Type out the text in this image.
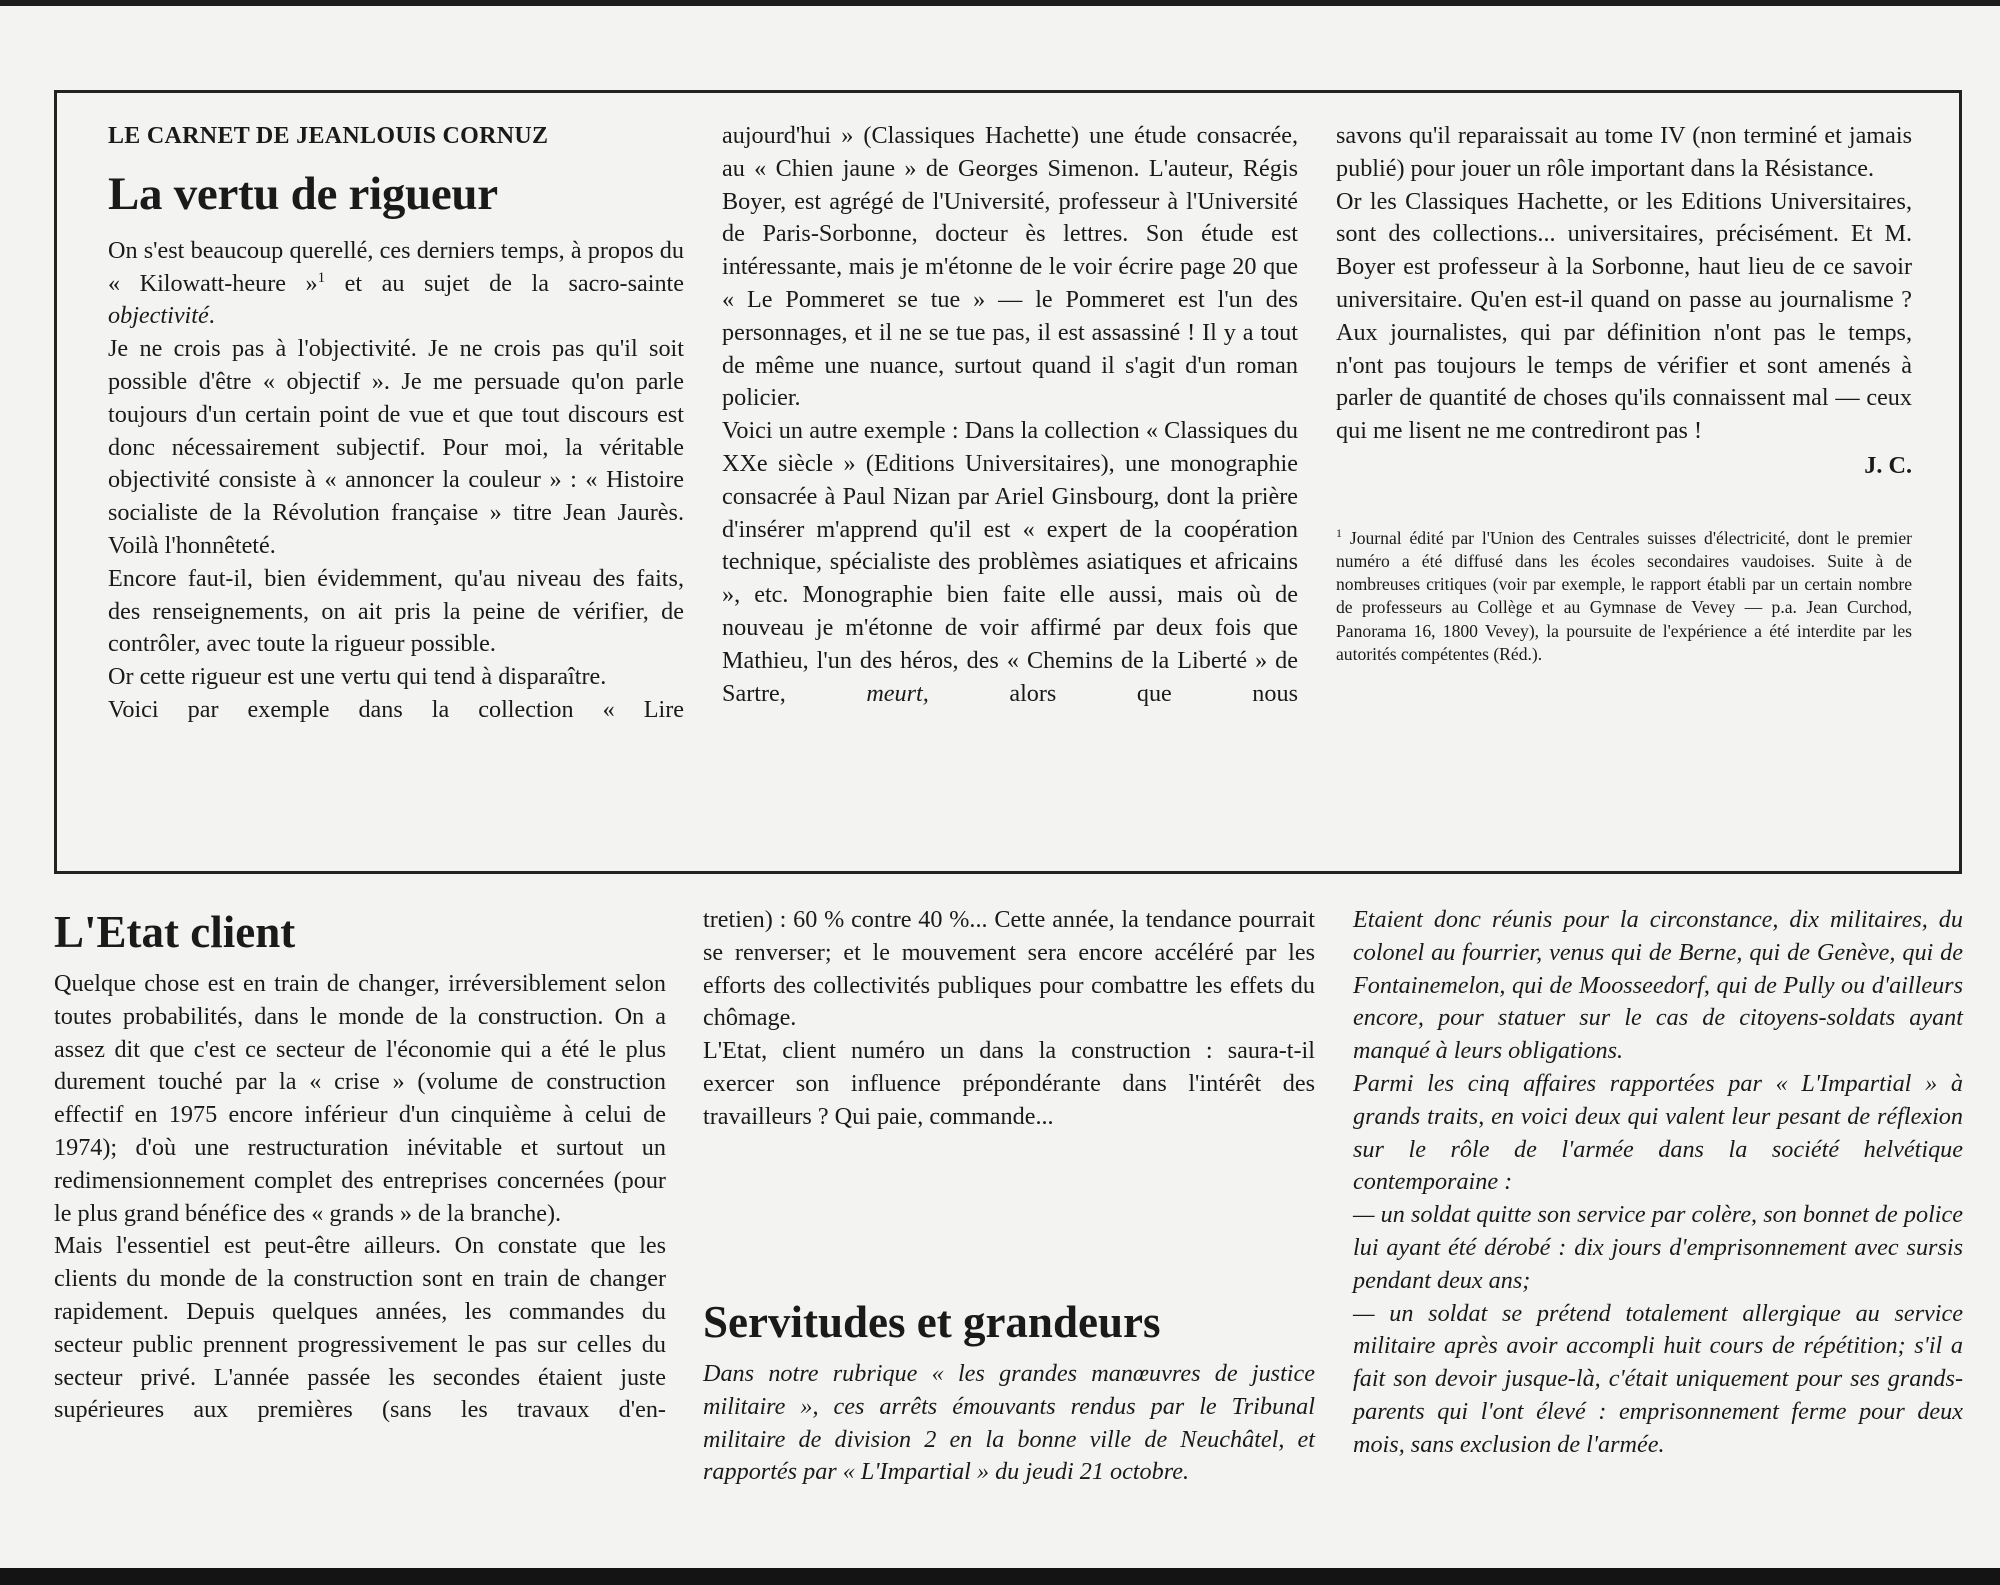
LE CARNET DE JEANLOUIS CORNUZ
La vertu de rigueur

On s'est beaucoup querellé, ces derniers temps, à propos du « Kilowatt-heure »$^1$ et au sujet de la sacro-sainte objectivité.

Je ne crois pas à l'objectivité. Je ne crois pas qu'il soit possible d'être « objectif ». Je me persuade qu'on parle toujours d'un certain point de vue et que tout discours est donc nécessairement subjectif. Pour moi, la véritable objectivité consiste à « annoncer la couleur » : « Histoire socialiste de la Révolution française » titre Jean Jaurès. Voilà l'honnêteté.

Encore faut-il, bien évidemment, qu'au niveau des faits, des renseignements, on ait pris la peine de vérifier, de contrôler, avec toute la rigueur possible.

Or cette rigueur est une vertu qui tend à disparaître.

Voici par exemple dans la collection « Lire

aujourd'hui » (Classiques Hachette) une étude consacrée, au « Chien jaune » de Georges Simenon. L'auteur, Régis Boyer, est agrégé de l'Université, professeur à l'Université de Paris-Sorbonne, docteur ès lettres. Son étude est intéressante, mais je m'étonne de le voir écrire page 20 que « Le Pommeret se tue » — le Pommeret est l'un des personnages, et il ne se tue pas, il est assassiné ! Il y a tout de même une nuance, surtout quand il s'agit d'un roman policier.

Voici un autre exemple : Dans la collection « Classiques du XXe siècle » (Editions Universitaires), une monographie consacrée à Paul Nizan par Ariel Ginsbourg, dont la prière d'insérer m'apprend qu'il est « expert de la coopération technique, spécialiste des problèmes asiatiques et africains », etc. Monographie bien faite elle aussi, mais où de nouveau je m'étonne de voir affirmé par deux fois que Mathieu, l'un des héros, des « Chemins de la Liberté » de Sartre, meurt, alors que nous

savons qu'il reparaissait au tome IV (non terminé et jamais publié) pour jouer un rôle important dans la Résistance.

Or les Classiques Hachette, or les Editions Universitaires, sont des collections... universitaires, précisément. Et M. Boyer est professeur à la Sorbonne, haut lieu de ce savoir universitaire. Qu'en est-il quand on passe au journalisme ? Aux journalistes, qui par définition n'ont pas le temps, n'ont pas toujours le temps de vérifier et sont amenés à parler de quantité de choses qu'ils connaissent mal — ceux qui me lisent ne me contrediront pas !

J. C.
$^1$ Journal édité par l'Union des Centrales suisses d'électricité, dont le premier numéro a été diffusé dans les écoles secondaires vaudoises. Suite à de nombreuses critiques (voir par exemple, le rapport établi par un certain nombre de professeurs au Collège et au Gymnase de Vevey — p.a. Jean Curchod, Panorama 16, 1800 Vevey), la poursuite de l'expérience a été interdite par les autorités compétentes (Réd.).
L'Etat client

Quelque chose est en train de changer, irréversiblement selon toutes probabilités, dans le monde de la construction. On a assez dit que c'est ce secteur de l'économie qui a été le plus durement touché par la « crise » (volume de construction effectif en 1975 encore inférieur d'un cinquième à celui de 1974); d'où une restructuration inévitable et surtout un redimensionnement complet des entreprises concernées (pour le plus grand bénéfice des « grands » de la branche).

Mais l'essentiel est peut-être ailleurs. On constate que les clients du monde de la construction sont en train de changer rapidement. Depuis quelques années, les commandes du secteur public prennent progressivement le pas sur celles du secteur privé. L'année passée les secondes étaient juste supérieures aux premières (sans les travaux d'en-

tretien) : 60 % contre 40 %... Cette année, la tendance pourrait se renverser; et le mouvement sera encore accéléré par les efforts des collectivités publiques pour combattre les effets du chômage.

L'Etat, client numéro un dans la construction : saura-t-il exercer son influence prépondérante dans l'intérêt des travailleurs ? Qui paie, commande...

Servitudes et grandeurs

Dans notre rubrique « les grandes manœuvres de justice militaire », ces arrêts émouvants rendus par le Tribunal militaire de division 2 en la bonne ville de Neuchâtel, et rapportés par « L'Impartial » du jeudi 21 octobre.

Etaient donc réunis pour la circonstance, dix militaires, du colonel au fourrier, venus qui de Berne, qui de Genève, qui de Fontainemelon, qui de Moosseedorf, qui de Pully ou d'ailleurs encore, pour statuer sur le cas de citoyens-soldats ayant manqué à leurs obligations.

Parmi les cinq affaires rapportées par « L'Impartial » à grands traits, en voici deux qui valent leur pesant de réflexion sur le rôle de l'armée dans la société helvétique contemporaine :

— un soldat quitte son service par colère, son bonnet de police lui ayant été dérobé : dix jours d'emprisonnement avec sursis pendant deux ans;

— un soldat se prétend totalement allergique au service militaire après avoir accompli huit cours de répétition; s'il a fait son devoir jusque-là, c'était uniquement pour ses grands-parents qui l'ont élevé : emprisonnement ferme pour deux mois, sans exclusion de l'armée.
